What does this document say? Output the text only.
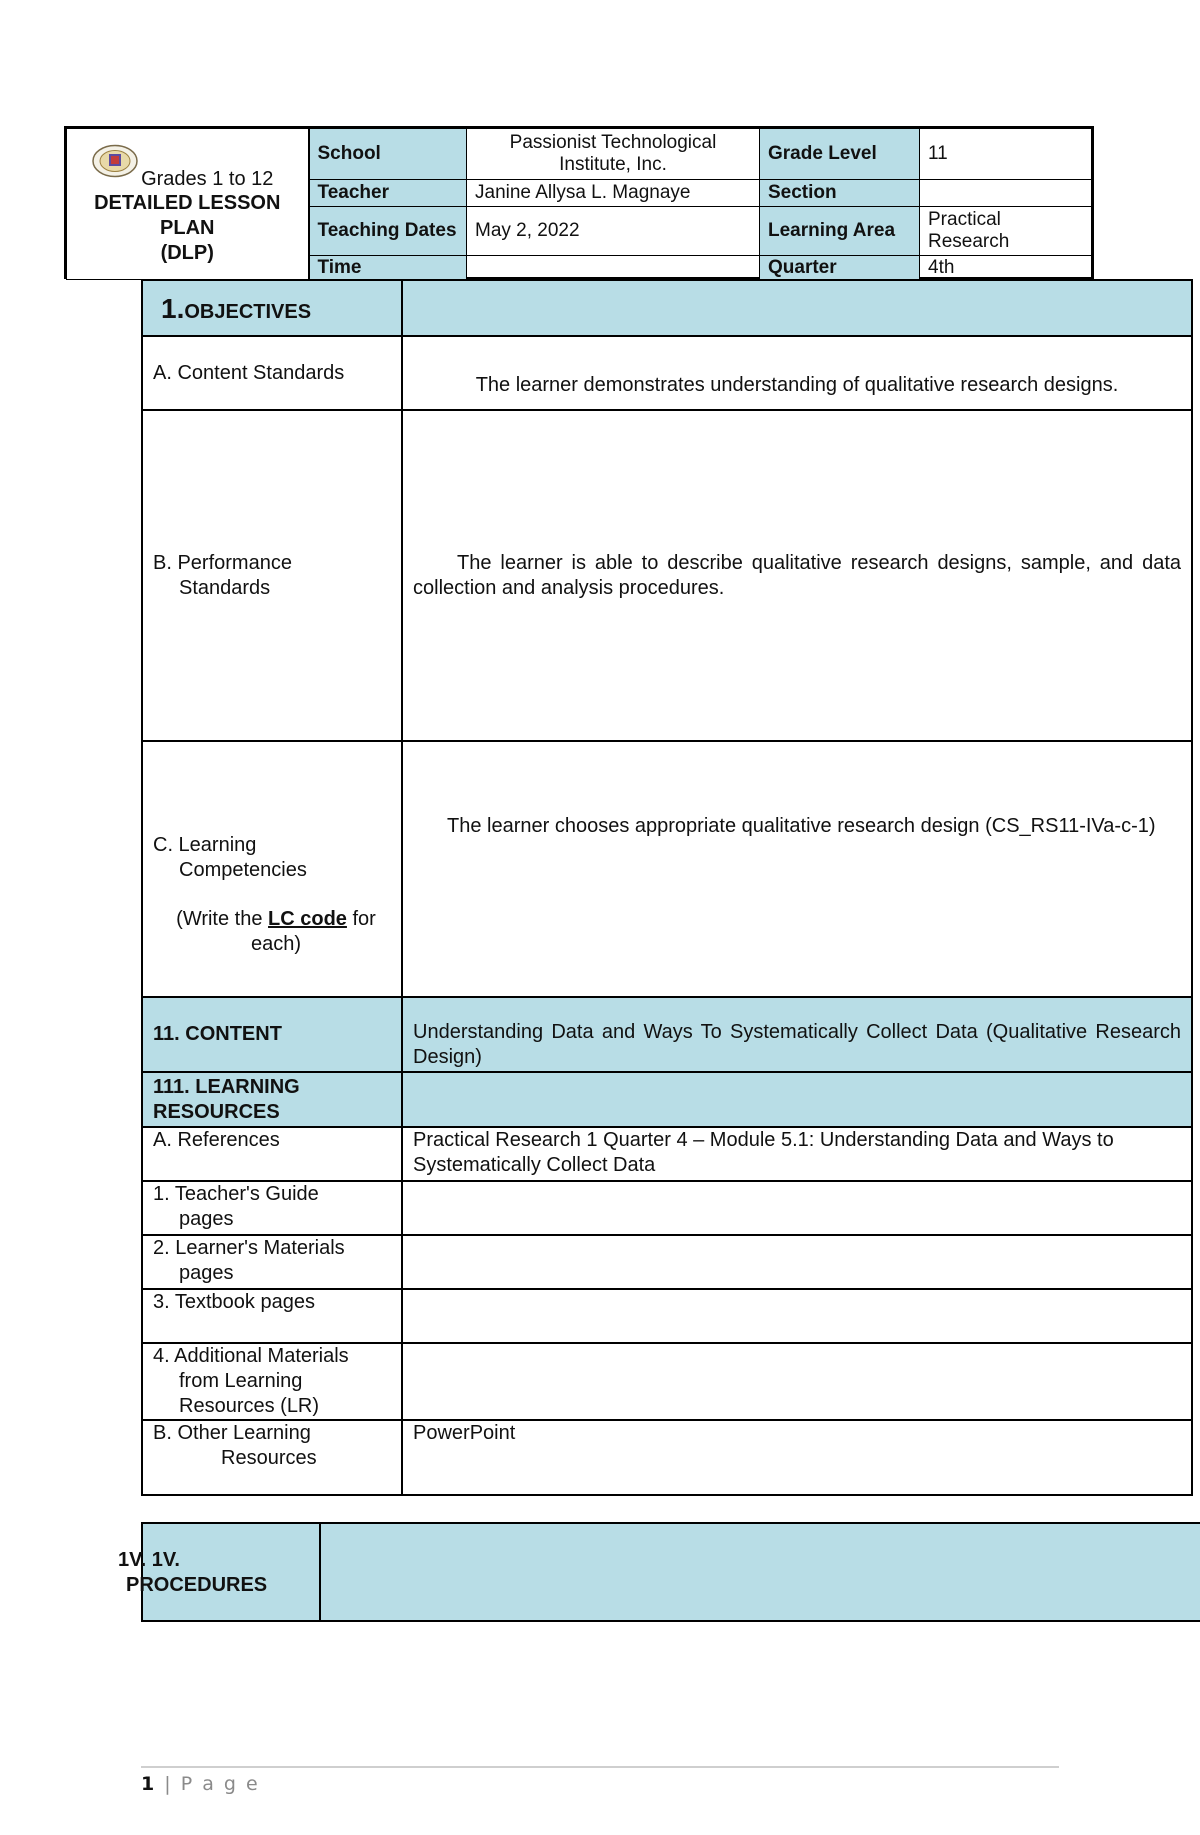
Grades 1 to 12
DETAILED LESSON
PLAN
(DLP)	School	Passionist Technological Institute, Inc.	Grade Level	11
	Teacher	Janine Allysa L. Magnaye	Section	
	Teaching Dates	May 2, 2022	Learning Area	Practical Research
	Time		Quarter	4th
1.OBJECTIVES	
A. Content Standards	The learner demonstrates understanding of qualitative research designs.

B. Performance
Standards	The learner is able to describe qualitative research designs, sample, and data collection and analysis procedures.

C. Learning
Competencies
(Write the LC code for each)	The learner chooses appropriate qualitative research design (CS_RS11-IVa-c-1)
11. CONTENT	Understanding Data and Ways To Systematically Collect Data (Qualitative Research Design)
111. LEARNING RESOURCES	
A. References	Practical Research 1 Quarter 4 – Module 5.1: Understanding Data and Ways to Systematically Collect Data

1. Teacher's Guide
pages	

2. Learner's Materials
pages	

3. Textbook pages	

4. Additional Materials
from Learning
Resources (LR)	

B. Other Learning
Resources	PowerPoint
1V. 1V.
PROCEDURES
1 | P a g e
